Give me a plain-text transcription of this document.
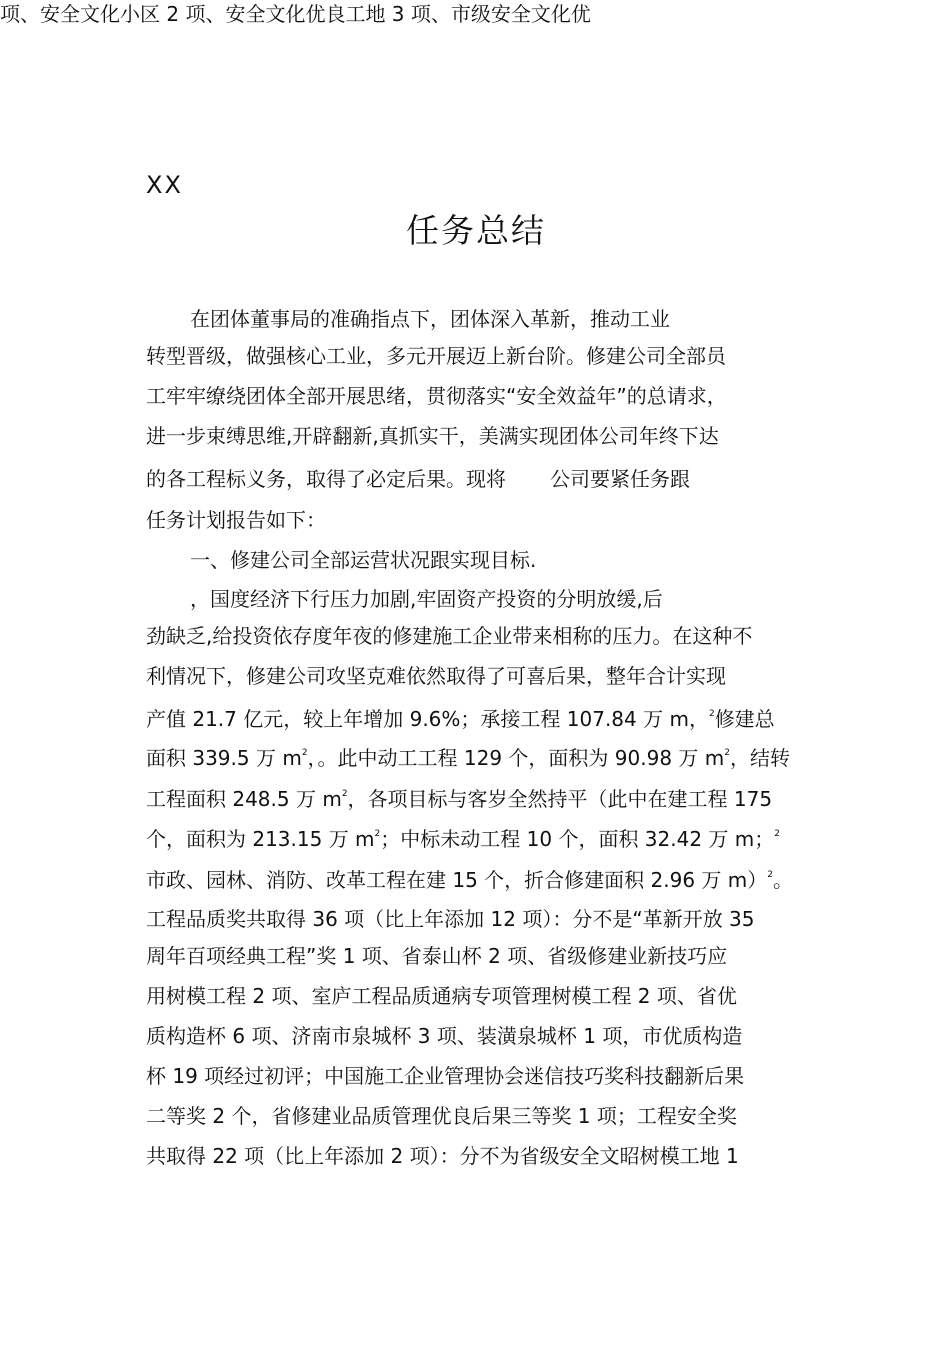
项、安全文化小区 2 项、安全文化优良工地 3 项、市级安全文化优
XX
任务总结
在团体董事局的准确指点下，团体深入革新，推动工业
转型晋级，做强核心工业，多元开展迈上新台阶。修建公司全部员
工牢牢缭绕团体全部开展思绪，贯彻落实“安全效益年”的总请求，
进一步束缚思维,开辟翻新,真抓实干，美满实现团体公司年终下达
的各工程标义务，取得了必定后果。现将 公司要紧任务跟
任务计划报告如下：
一、修建公司全部运营状况跟实现目标.
，国度经济下行压力加剧,牢固资产投资的分明放缓,后
劲缺乏,给投资依存度年夜的修建施工企业带来相称的压力。在这种不
利情况下，修建公司攻坚克难依然取得了可喜后果，整年合计实现
产值 21.7 亿元，较上年增加 9.6%；承接工程 107.84 万 m，$^2$修建总
面积 339.5 万 $m^2$，。此中动工工程 129 个，面积为 90.98 万 $m^2$，结转
工程面积 248.5 万 $m^2$，各项目标与客岁全然持平（此中在建工程 175
个，面积为 213.15 万 $m^2$；中标未动工程 10 个，面积 32.42 万 m；$^2$
市政、园林、消防、改革工程在建 15 个，折合修建面积 2.96 万 m）$^2$。
工程品质奖共取得 36 项（比上年添加 12 项）：分不是“革新开放 35
周年百项经典工程”奖 1 项、省泰山杯 2 项、省级修建业新技巧应
用树模工程 2 项、室庐工程品质通病专项管理树模工程 2 项、省优
质构造杯 6 项、济南市泉城杯 3 项、装潢泉城杯 1 项，市优质构造
杯 19 项经过初评；中国施工企业管理协会迷信技巧奖科技翻新后果
二等奖 2 个，省修建业品质管理优良后果三等奖 1 项；工程安全奖
共取得 22 项（比上年添加 2 项）：分不为省级安全文昭树模工地 1
